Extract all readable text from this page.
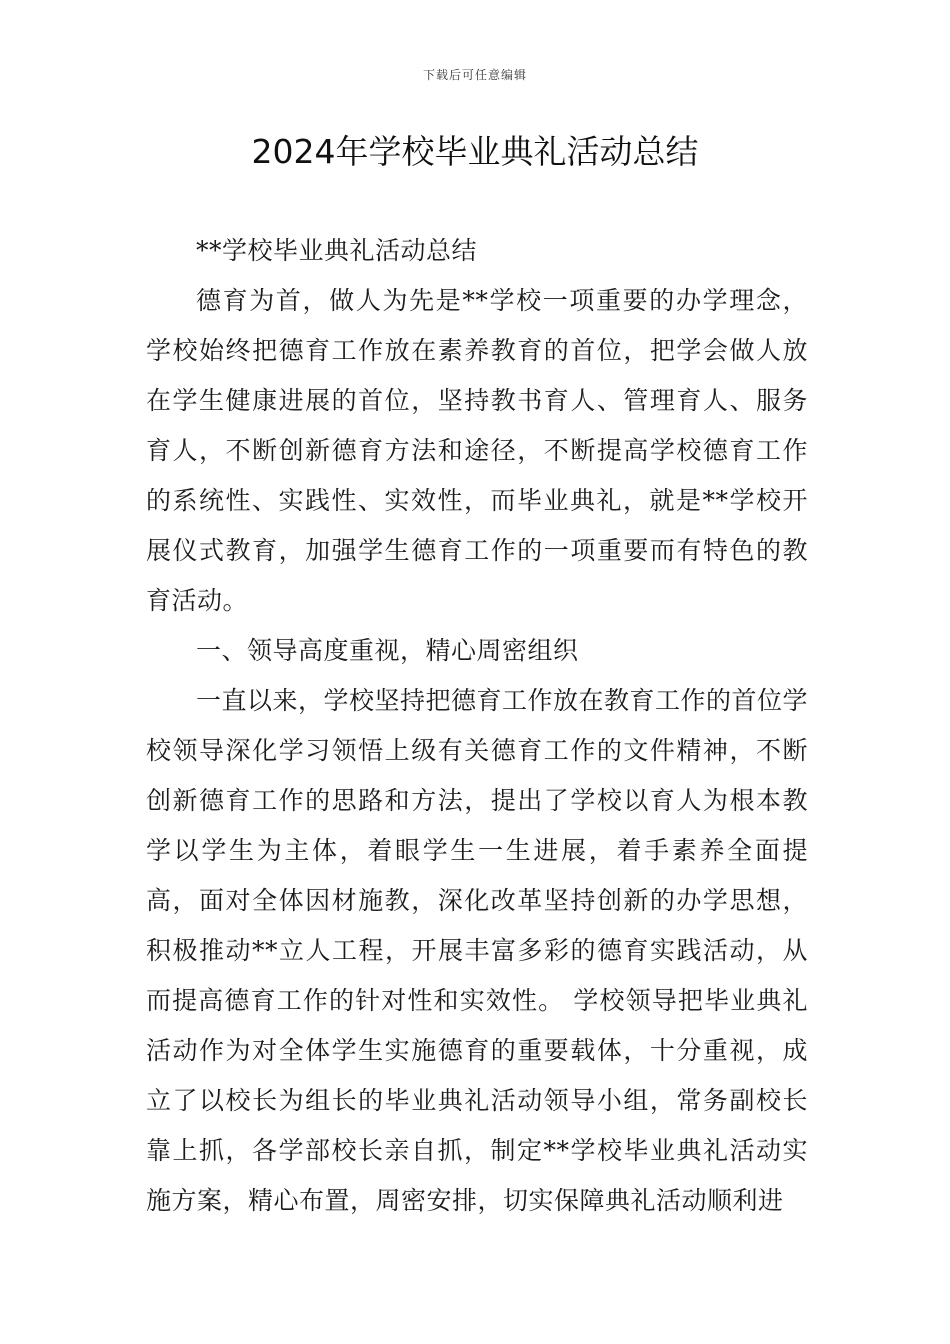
下载后可任意编辑
2024年学校毕业典礼活动总结

**学校毕业典礼活动总结

德育为首，做人为先是**学校一项重要的办学理念，学校始终把德育工作放在素养教育的首位，把学会做人放在学生健康进展的首位，坚持教书育人、管理育人、服务育人，不断创新德育方法和途径，不断提高学校德育工作的系统性、实践性、实效性，而毕业典礼，就是**学校开展仪式教育，加强学生德育工作的一项重要而有特色的教育活动。

一、领导高度重视，精心周密组织

一直以来，学校坚持把德育工作放在教育工作的首位学校领导深化学习领悟上级有关德育工作的文件精神，不断创新德育工作的思路和方法，提出了学校以育人为根本教学以学生为主体，着眼学生一生进展，着手素养全面提高，面对全体因材施教，深化改革坚持创新的办学思想，积极推动**立人工程，开展丰富多彩的德育实践活动，从而提高德育工作的针对性和实效性。 学校领导把毕业典礼活动作为对全体学生实施德育的重要载体，十分重视，成立了以校长为组长的毕业典礼活动领导小组，常务副校长靠上抓，各学部校长亲自抓，制定**学校毕业典礼活动实施方案，精心布置，周密安排，切实保障典礼活动顺利进
